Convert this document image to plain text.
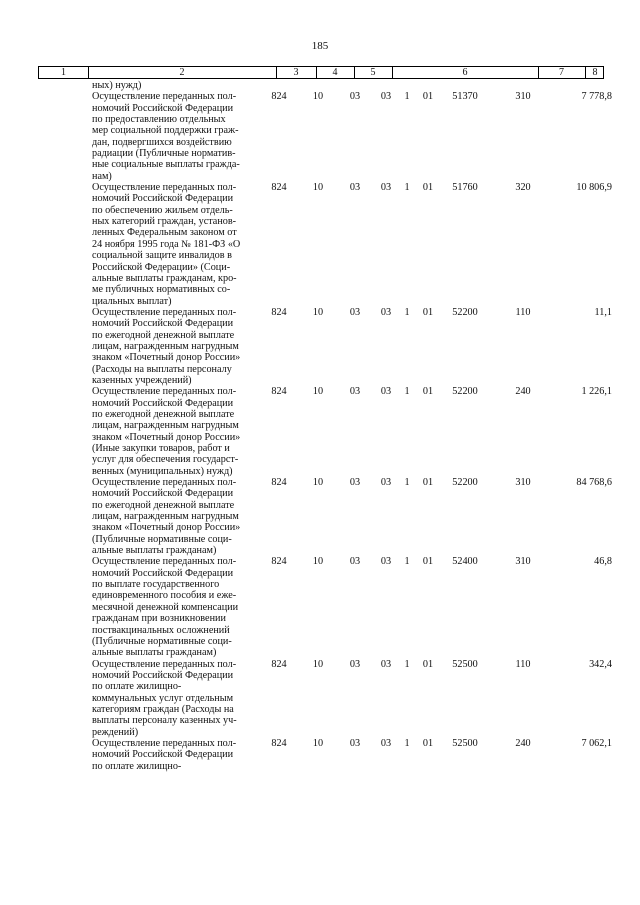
185
1	2	3	4	5	6	7	8
ных) нужд)
Осуществление переданных пол-
номочий Российской Федерации
по предоставлению отдельных
мер социальной поддержки граж-
дан, подвергшихся воздействию
радиации (Публичные норматив-
ные социальные выплаты гражда-
нам)
824	10	03	03	1	01	51370	310	7 778,8
Осуществление переданных пол-
номочий Российской Федерации
по обеспечению жильем отдель-
ных категорий граждан, установ-
ленных Федеральным законом от
24 ноября 1995 года № 181-ФЗ «О
социальной защите инвалидов в
Российской Федерации» (Соци-
альные выплаты гражданам, кро-
ме публичных нормативных со-
циальных выплат)
824	10	03	03	1	01	51760	320	10 806,9
Осуществление переданных пол-
номочий Российской Федерации
по ежегодной денежной выплате
лицам, награжденным нагрудным
знаком «Почетный донор России»
(Расходы на выплаты персоналу
казенных учреждений)
824	10	03	03	1	01	52200	110	11,1
Осуществление переданных пол-
номочий Российской Федерации
по ежегодной денежной выплате
лицам, награжденным нагрудным
знаком «Почетный донор России»
(Иные закупки товаров, работ и
услуг для обеспечения государст-
венных (муниципальных) нужд)
824	10	03	03	1	01	52200	240	1 226,1
Осуществление переданных пол-
номочий Российской Федерации
по ежегодной денежной выплате
лицам, награжденным нагрудным
знаком «Почетный донор России»
(Публичные нормативные соци-
альные выплаты гражданам)
824	10	03	03	1	01	52200	310	84 768,6
Осуществление переданных пол-
номочий Российской Федерации
по выплате государственного
единовременного пособия и еже-
месячной денежной компенсации
гражданам при возникновении
поствакцинальных осложнений
(Публичные нормативные соци-
альные выплаты гражданам)
824	10	03	03	1	01	52400	310	46,8
Осуществление переданных пол-
номочий Российской Федерации
по оплате жилищно-
коммунальных услуг отдельным
категориям граждан (Расходы на
выплаты персоналу казенных уч-
реждений)
824	10	03	03	1	01	52500	110	342,4
Осуществление переданных пол-
номочий Российской Федерации
по оплате жилищно-
824	10	03	03	1	01	52500	240	7 062,1
